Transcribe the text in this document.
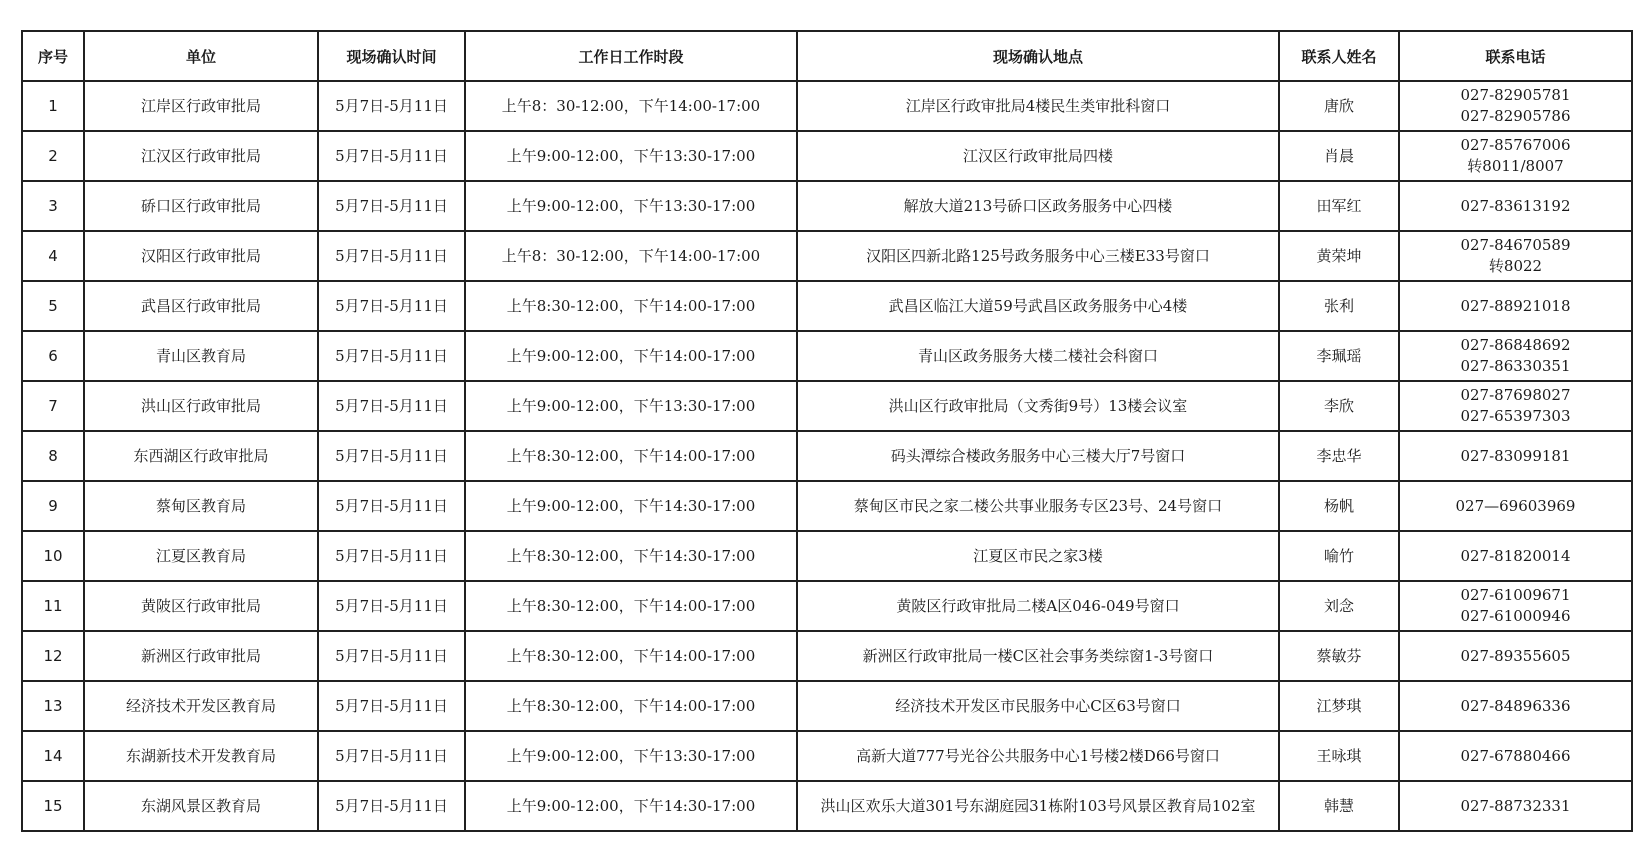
序号	单位	现场确认时间	工作日工作时段	现场确认地点	联系人姓名	联系电话
1	江岸区行政审批局	5月7日-5月11日	上午8：30-12:00，下午14:00-17:00	江岸区行政审批局4楼民生类审批科窗口	唐欣	027-82905781
027-82905786

2	江汉区行政审批局	5月7日-5月11日	上午9:00-12:00，下午13:30-17:00	江汉区行政审批局四楼	肖晨	027-85767006
转8011/8007

3	硚口区行政审批局	5月7日-5月11日	上午9:00-12:00，下午13:30-17:00	解放大道213号硚口区政务服务中心四楼	田军红	027-83613192

4	汉阳区行政审批局	5月7日-5月11日	上午8：30-12:00，下午14:00-17:00	汉阳区四新北路125号政务服务中心三楼E33号窗口	黄荣坤	027-84670589
转8022

5	武昌区行政审批局	5月7日-5月11日	上午8:30-12:00，下午14:00-17:00	武昌区临江大道59号武昌区政务服务中心4楼	张利	027-88921018

6	青山区教育局	5月7日-5月11日	上午9:00-12:00，下午14:00-17:00	青山区政务服务大楼二楼社会科窗口	李珮瑶	027-86848692
027-86330351

7	洪山区行政审批局	5月7日-5月11日	上午9:00-12:00，下午13:30-17:00	洪山区行政审批局（文秀街9号）13楼会议室	李欣	027-87698027
027-65397303

8	东西湖区行政审批局	5月7日-5月11日	上午8:30-12:00，下午14:00-17:00	码头潭综合楼政务服务中心三楼大厅7号窗口	李忠华	027-83099181

9	蔡甸区教育局	5月7日-5月11日	上午9:00-12:00，下午14:30-17:00	蔡甸区市民之家二楼公共事业服务专区23号、24号窗口	杨帆	027—69603969

10	江夏区教育局	5月7日-5月11日	上午8:30-12:00，下午14:30-17:00	江夏区市民之家3楼	喻竹	027-81820014

11	黄陂区行政审批局	5月7日-5月11日	上午8:30-12:00，下午14:00-17:00	黄陂区行政审批局二楼A区046-049号窗口	刘念	027-61009671
027-61000946

12	新洲区行政审批局	5月7日-5月11日	上午8:30-12:00，下午14:00-17:00	新洲区行政审批局一楼C区社会事务类综窗1-3号窗口	蔡敏芬	027-89355605

13	经济技术开发区教育局	5月7日-5月11日	上午8:30-12:00，下午14:00-17:00	经济技术开发区市民服务中心C区63号窗口	江梦琪	027-84896336

14	东湖新技术开发教育局	5月7日-5月11日	上午9:00-12:00，下午13:30-17:00	高新大道777号光谷公共服务中心1号楼2楼D66号窗口	王咏琪	027-67880466

15	东湖风景区教育局	5月7日-5月11日	上午9:00-12:00，下午14:30-17:00	洪山区欢乐大道301号东湖庭园31栋附103号风景区教育局102室	韩慧	027-88732331
